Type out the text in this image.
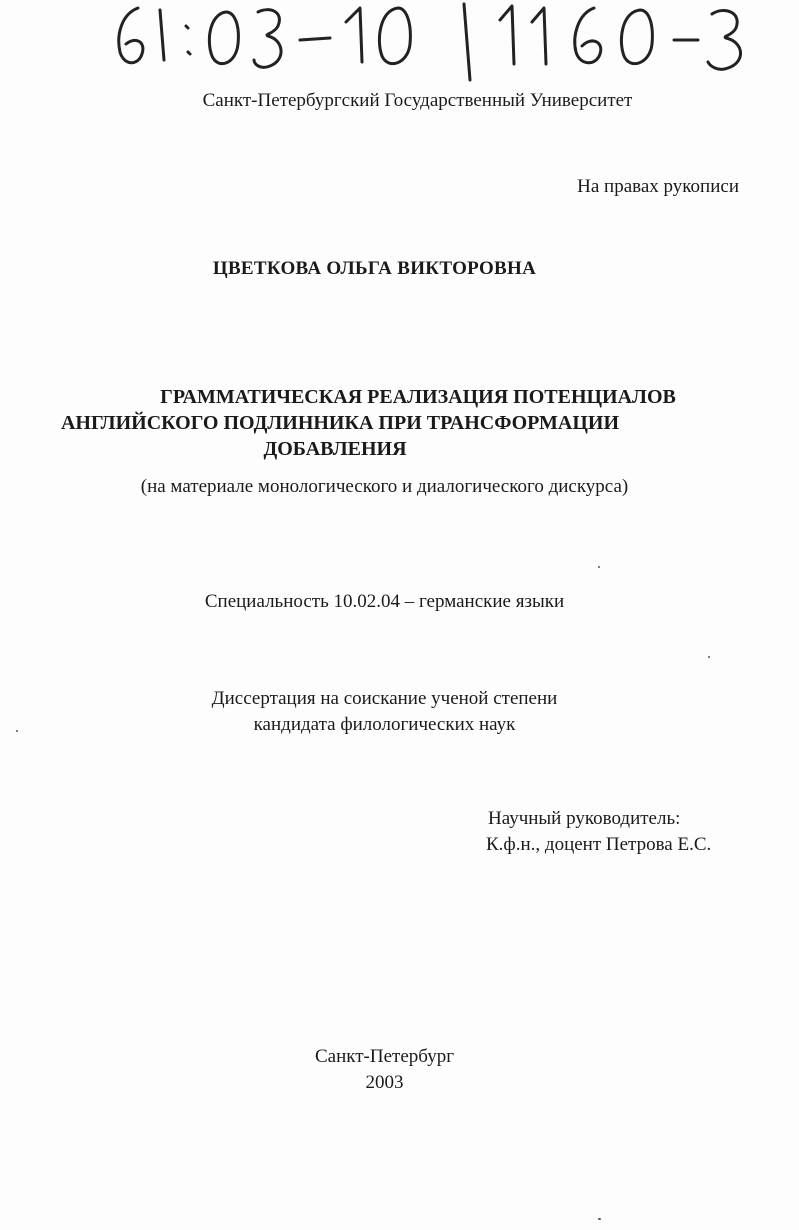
Санкт-Петербургский Государственный Университет
На правах рукописи
ЦВЕТКОВА ОЛЬГА ВИКТОРОВНА
ГРАММАТИЧЕСКАЯ РЕАЛИЗАЦИЯ ПОТЕНЦИАЛОВ
АНГЛИЙСКОГО ПОДЛИННИКА ПРИ ТРАНСФОРМАЦИИ
ДОБАВЛЕНИЯ
(на материале монологического и диалогического дискурса)
Специальность 10.02.04 – германские языки
Диссертация на соискание ученой степени
кандидата филологических наук
Научный руководитель:
К.ф.н., доцент Петрова Е.С.
Санкт-Петербург
2003
